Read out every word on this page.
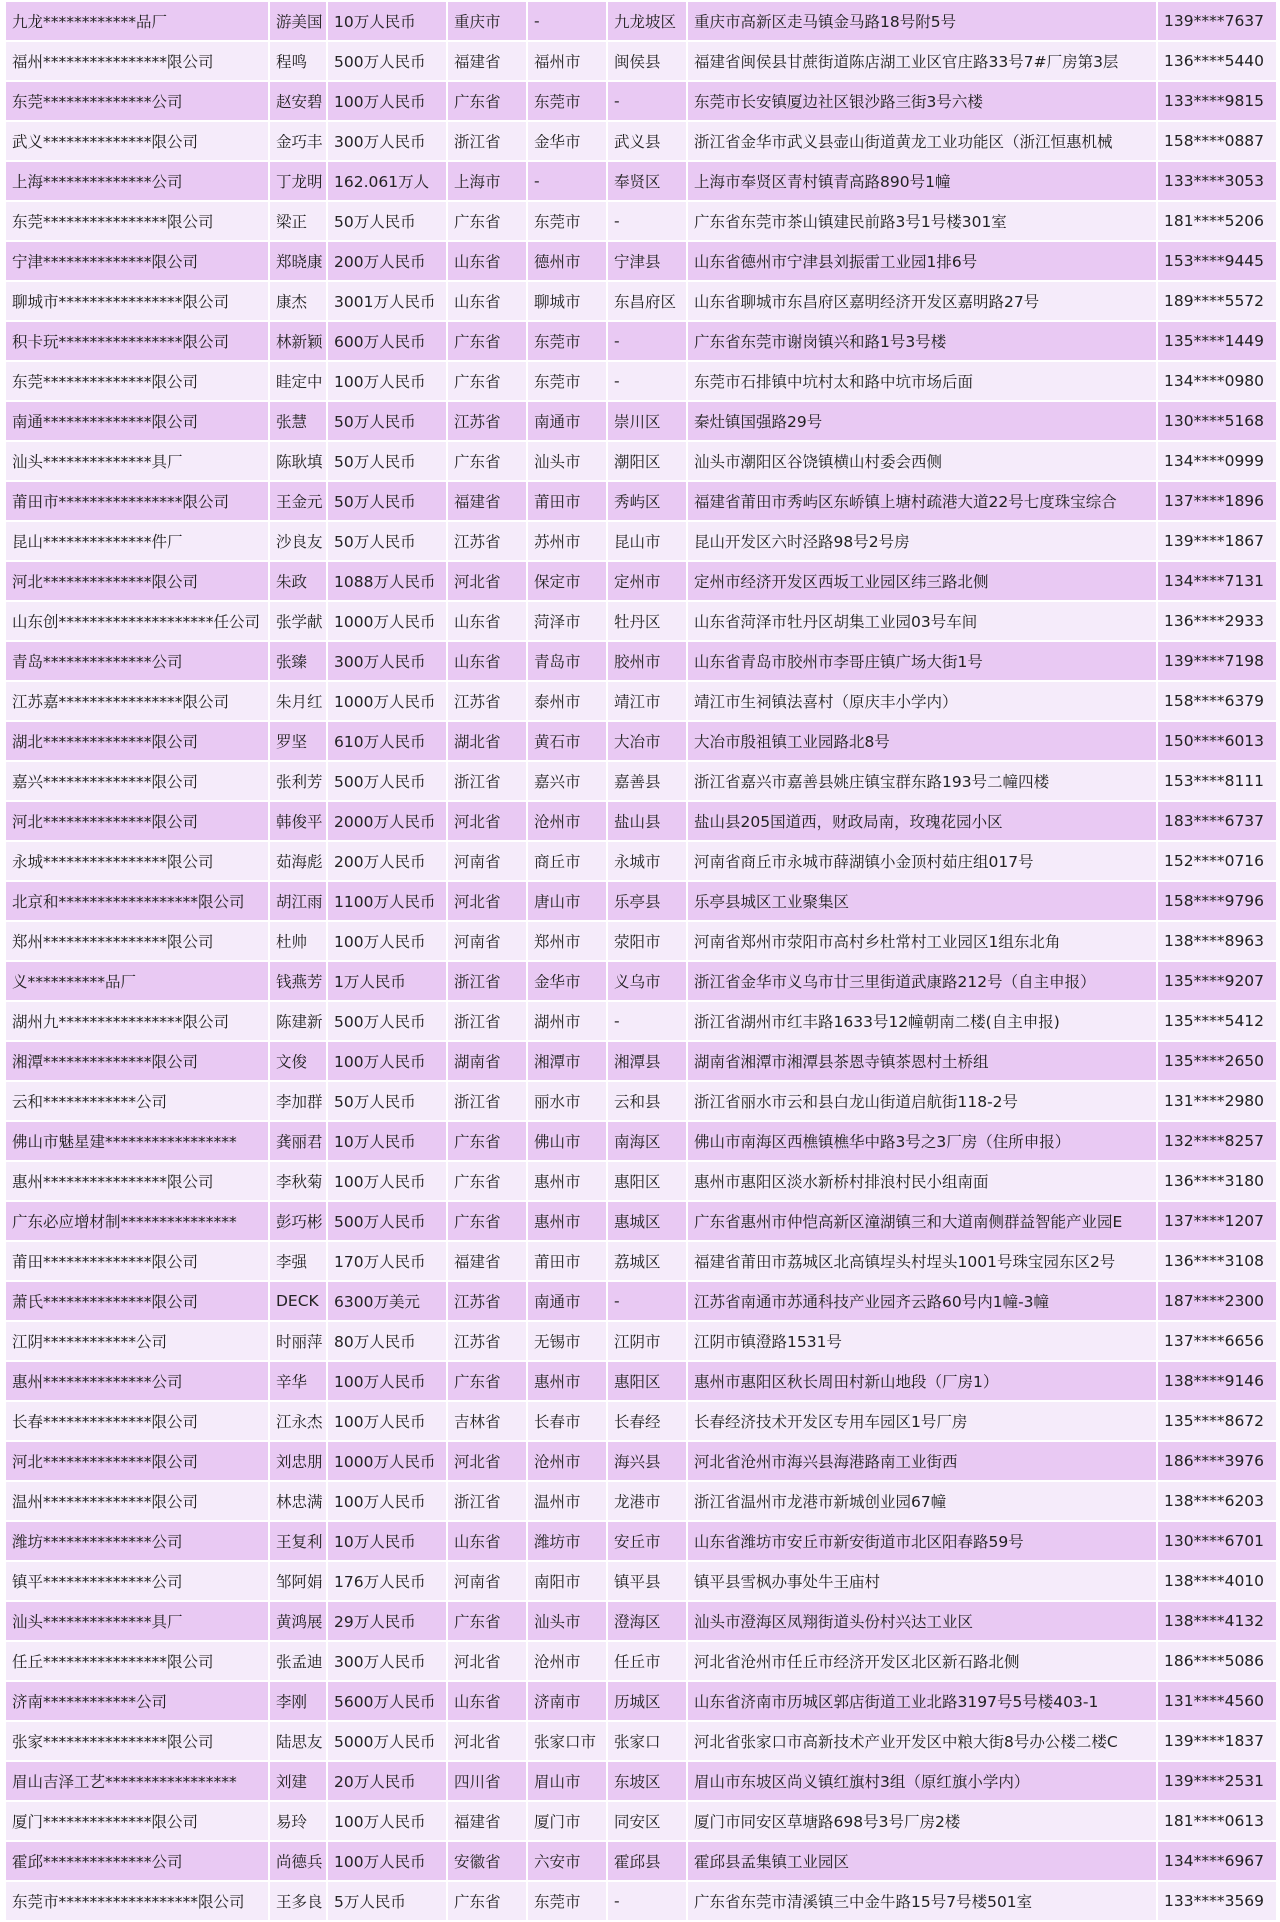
九龙************品厂	游美国	10万人民币	重庆市	-	九龙坡区	重庆市高新区走马镇金马路18号附5号	139****7637
福州****************限公司	程鸣	500万人民币	福建省	福州市	闽侯县	福建省闽侯县甘蔗街道陈店湖工业区官庄路33号7#厂房第3层	136****5440
东莞**************公司	赵安碧	100万人民币	广东省	东莞市	-	东莞市长安镇厦边社区银沙路三街3号六楼	133****9815
武义**************限公司	金巧丰	300万人民币	浙江省	金华市	武义县	浙江省金华市武义县壶山街道黄龙工业功能区（浙江恒惠机械	158****0887
上海**************公司	丁龙明	162.061万人	上海市	-	奉贤区	上海市奉贤区青村镇青高路890号1幢	133****3053
东莞****************限公司	梁正	50万人民币	广东省	东莞市	-	广东省东莞市茶山镇建民前路3号1号楼301室	181****5206
宁津**************限公司	郑晓康	200万人民币	山东省	德州市	宁津县	山东省德州市宁津县刘振雷工业园1排6号	153****9445
聊城市****************限公司	康杰	3001万人民币	山东省	聊城市	东昌府区	山东省聊城市东昌府区嘉明经济开发区嘉明路27号	189****5572
积卡玩****************限公司	林新颖	600万人民币	广东省	东莞市	-	广东省东莞市谢岗镇兴和路1号3号楼	135****1449
东莞**************限公司	眭定中	100万人民币	广东省	东莞市	-	东莞市石排镇中坑村太和路中坑市场后面	134****0980
南通**************限公司	张慧	50万人民币	江苏省	南通市	崇川区	秦灶镇国强路29号	130****5168
汕头**************具厂	陈耿填	50万人民币	广东省	汕头市	潮阳区	汕头市潮阳区谷饶镇横山村委会西侧	134****0999
莆田市****************限公司	王金元	50万人民币	福建省	莆田市	秀屿区	福建省莆田市秀屿区东峤镇上塘村疏港大道22号七度珠宝综合	137****1896
昆山**************件厂	沙良友	50万人民币	江苏省	苏州市	昆山市	昆山开发区六时泾路98号2号房	139****1867
河北**************限公司	朱政	1088万人民币	河北省	保定市	定州市	定州市经济开发区西坂工业园区纬三路北侧	134****7131
山东创********************任公司	张学献	1000万人民币	山东省	菏泽市	牡丹区	山东省菏泽市牡丹区胡集工业园03号车间	136****2933
青岛**************公司	张臻	300万人民币	山东省	青岛市	胶州市	山东省青岛市胶州市李哥庄镇广场大街1号	139****7198
江苏嘉****************限公司	朱月红	1000万人民币	江苏省	泰州市	靖江市	靖江市生祠镇法喜村（原庆丰小学内）	158****6379
湖北**************限公司	罗坚	610万人民币	湖北省	黄石市	大冶市	大冶市殷祖镇工业园路北8号	150****6013
嘉兴**************限公司	张利芳	500万人民币	浙江省	嘉兴市	嘉善县	浙江省嘉兴市嘉善县姚庄镇宝群东路193号二幢四楼	153****8111
河北**************限公司	韩俊平	2000万人民币	河北省	沧州市	盐山县	盐山县205国道西，财政局南，玫瑰花园小区	183****6737
永城****************限公司	茹海彪	200万人民币	河南省	商丘市	永城市	河南省商丘市永城市薛湖镇小金顶村茹庄组017号	152****0716
北京和******************限公司	胡江雨	1100万人民币	河北省	唐山市	乐亭县	乐亭县城区工业聚集区	158****9796
郑州****************限公司	杜帅	100万人民币	河南省	郑州市	荥阳市	河南省郑州市荥阳市高村乡杜常村工业园区1组东北角	138****8963
义**********品厂	钱燕芳	1万人民币	浙江省	金华市	义乌市	浙江省金华市义乌市廿三里街道武康路212号（自主申报）	135****9207
湖州九****************限公司	陈建新	500万人民币	浙江省	湖州市	-	浙江省湖州市红丰路1633号12幢朝南二楼(自主申报)	135****5412
湘潭**************限公司	文俊	100万人民币	湖南省	湘潭市	湘潭县	湖南省湘潭市湘潭县茶恩寺镇茶恩村土桥组	135****2650
云和************公司	李加群	50万人民币	浙江省	丽水市	云和县	浙江省丽水市云和县白龙山街道启航街118-2号	131****2980
佛山市魅星建*****************	龚丽君	10万人民币	广东省	佛山市	南海区	佛山市南海区西樵镇樵华中路3号之3厂房（住所申报）	132****8257
惠州****************限公司	李秋菊	100万人民币	广东省	惠州市	惠阳区	惠州市惠阳区淡水新桥村排浪村民小组南面	136****3180
广东必应增材制***************	彭巧彬	500万人民币	广东省	惠州市	惠城区	广东省惠州市仲恺高新区潼湖镇三和大道南侧群益智能产业园E	137****1207
莆田**************限公司	李强	170万人民币	福建省	莆田市	荔城区	福建省莆田市荔城区北高镇埕头村埕头1001号珠宝园东区2号	136****3108
萧氏**************限公司	DECK	6300万美元	江苏省	南通市	-	江苏省南通市苏通科技产业园齐云路60号内1幢-3幢	187****2300
江阴************公司	时丽萍	80万人民币	江苏省	无锡市	江阴市	江阴市镇澄路1531号	137****6656
惠州**************公司	辛华	100万人民币	广东省	惠州市	惠阳区	惠州市惠阳区秋长周田村新山地段（厂房1）	138****9146
长春**************限公司	江永杰	100万人民币	吉林省	长春市	长春经	长春经济技术开发区专用车园区1号厂房	135****8672
河北**************限公司	刘忠朋	1000万人民币	河北省	沧州市	海兴县	河北省沧州市海兴县海港路南工业街西	186****3976
温州**************限公司	林忠满	100万人民币	浙江省	温州市	龙港市	浙江省温州市龙港市新城创业园67幢	138****6203
潍坊**************公司	王复利	10万人民币	山东省	潍坊市	安丘市	山东省潍坊市安丘市新安街道市北区阳春路59号	130****6701
镇平**************公司	邹阿娟	176万人民币	河南省	南阳市	镇平县	镇平县雪枫办事处牛王庙村	138****4010
汕头**************具厂	黄鸿展	29万人民币	广东省	汕头市	澄海区	汕头市澄海区凤翔街道头份村兴达工业区	138****4132
任丘****************限公司	张孟迪	300万人民币	河北省	沧州市	任丘市	河北省沧州市任丘市经济开发区北区新石路北侧	186****5086
济南************公司	李刚	5600万人民币	山东省	济南市	历城区	山东省济南市历城区郭店街道工业北路3197号5号楼403-1	131****4560
张家****************限公司	陆思友	5000万人民币	河北省	张家口市	张家口	河北省张家口市高新技术产业开发区中粮大街8号办公楼二楼C	139****1837
眉山吉泽工艺*****************	刘建	20万人民币	四川省	眉山市	东坡区	眉山市东坡区尚义镇红旗村3组（原红旗小学内）	139****2531
厦门**************限公司	易玲	100万人民币	福建省	厦门市	同安区	厦门市同安区草塘路698号3号厂房2楼	181****0613
霍邱**************公司	尚德兵	100万人民币	安徽省	六安市	霍邱县	霍邱县孟集镇工业园区	134****6967
东莞市******************限公司	王多良	5万人民币	广东省	东莞市	-	广东省东莞市清溪镇三中金牛路15号7号楼501室	133****3569
